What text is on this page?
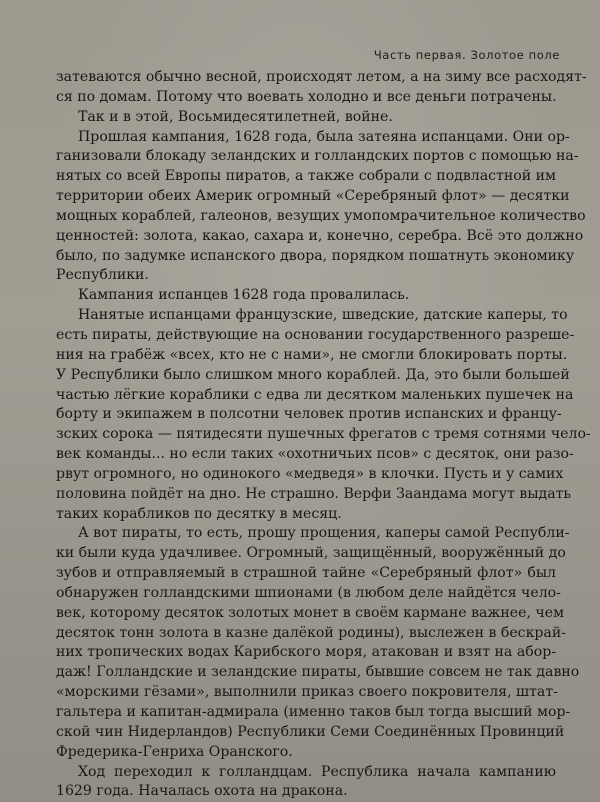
Часть первая. Золотое поле
затеваются обычно весной, происходят летом, а на зиму все расходят-
ся по домам. Потому что воевать холодно и все деньги потрачены.
Так и в этой, Восьмидесятилетней, войне.
Прошлая кампания, 1628 года, была затеяна испанцами. Они ор-
ганизовали блокаду зеландских и голландских портов с помощью на-
нятых со всей Европы пиратов, а также собрали с подвластной им
территории обеих Америк огромный «Серебряный флот» — десятки
мощных кораблей, галеонов, везущих умопомрачительное количество
ценностей: золота, какао, сахара и, конечно, серебра. Всё это должно
было, по задумке испанского двора, порядком пошатнуть экономику
Республики.
Кампания испанцев 1628 года провалилась.
Нанятые испанцами французские, шведские, датские каперы, то
есть пираты, действующие на основании государственного разреше-
ния на грабёж «всех, кто не с нами», не смогли блокировать порты.
У Республики было слишком много кораблей. Да, это были большей
частью лёгкие кораблики с едва ли десятком маленьких пушечек на
борту и экипажем в полсотни человек против испанских и францу-
зских сорока — пятидесяти пушечных фрегатов с тремя сотнями чело-
век команды... но если таких «охотничьих псов» с десяток, они разо-
рвут огромного, но одинокого «медведя» в клочки. Пусть и у самих
половина пойдёт на дно. Не страшно. Верфи Заандама могут выдать
таких корабликов по десятку в месяц.
А вот пираты, то есть, прошу прощения, каперы самой Республи-
ки были куда удачливее. Огромный, защищённый, вооружённый до
зубов и отправляемый в страшной тайне «Серебряный флот» был
обнаружен голландскими шпионами (в любом деле найдётся чело-
век, которому десяток золотых монет в своём кармане важнее, чем
десяток тонн золота в казне далёкой родины), выслежен в бескрай-
них тропических водах Карибского моря, атакован и взят на абор-
даж! Голландские и зеландские пираты, бывшие совсем не так давно
«морскими гёзами», выполнили приказ своего покровителя, штат-
гальтера и капитан-адмирала (именно таков был тогда высший мор-
ской чин Нидерландов) Республики Семи Соединённых Провинций
Фредерика-Генриха Оранского.
Ход переходил к голландцам. Республика начала кампанию
1629 года. Началась охота на дракона.
